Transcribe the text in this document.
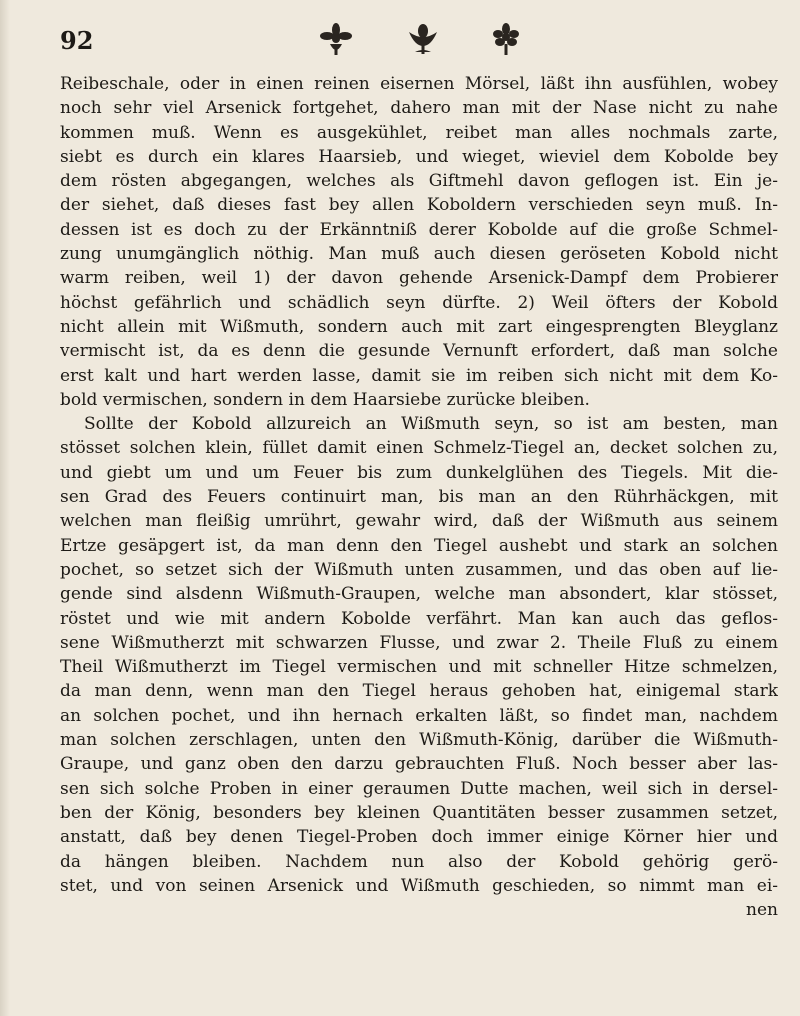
92
Reibeschale, oder in einen reinen eisernen Mörsel, läßt ihn ausfühlen, wobey
noch sehr viel Arsenick fortgehet, dahero man mit der Nase nicht zu nahe
kommen muß. Wenn es ausgekühlet, reibet man alles nochmals zarte,
siebt es durch ein klares Haarsieb, und wieget, wieviel dem Kobolde bey
dem rösten abgegangen, welches als Giftmehl davon geflogen ist. Ein je-
der siehet, daß dieses fast bey allen Koboldern verschieden seyn muß. In-
dessen ist es doch zu der Erkänntniß derer Kobolde auf die große Schmel-
zung unumgänglich nöthig. Man muß auch diesen geröseten Kobold nicht
warm reiben, weil 1) der davon gehende Arsenick-Dampf dem Probierer
höchst gefährlich und schädlich seyn dürfte. 2) Weil öfters der Kobold
nicht allein mit Wißmuth, sondern auch mit zart eingesprengten Bleyglanz
vermischt ist, da es denn die gesunde Vernunft erfordert, daß man solche
erst kalt und hart werden lasse, damit sie im reiben sich nicht mit dem Ko-
bold vermischen, sondern in dem Haarsiebe zurücke bleiben.
Sollte der Kobold allzureich an Wißmuth seyn, so ist am besten, man
stösset solchen klein, füllet damit einen Schmelz-Tiegel an, decket solchen zu,
und giebt um und um Feuer bis zum dunkelglühen des Tiegels. Mit die-
sen Grad des Feuers continuirt man, bis man an den Rührhäckgen, mit
welchen man fleißig umrührt, gewahr wird, daß der Wißmuth aus seinem
Ertze gesäpgert ist, da man denn den Tiegel aushebt und stark an solchen
pochet, so setzet sich der Wißmuth unten zusammen, und das oben auf lie-
gende sind alsdenn Wißmuth-Graupen, welche man absondert, klar stösset,
röstet und wie mit andern Kobolde verfährt. Man kan auch das geflos-
sene Wißmutherzt mit schwarzen Flusse, und zwar 2. Theile Fluß zu einem
Theil Wißmutherzt im Tiegel vermischen und mit schneller Hitze schmelzen,
da man denn, wenn man den Tiegel heraus gehoben hat, einigemal stark
an solchen pochet, und ihn hernach erkalten läßt, so findet man, nachdem
man solchen zerschlagen, unten den Wißmuth-König, darüber die Wißmuth-
Graupe, und ganz oben den darzu gebrauchten Fluß. Noch besser aber las-
sen sich solche Proben in einer geraumen Dutte machen, weil sich in dersel-
ben der König, besonders bey kleinen Quantitäten besser zusammen setzet,
anstatt, daß bey denen Tiegel-Proben doch immer einige Körner hier und
da hängen bleiben. Nachdem nun also der Kobold gehörig gerö-
stet, und von seinen Arsenick und Wißmuth geschieden, so nimmt man ei-
nen
